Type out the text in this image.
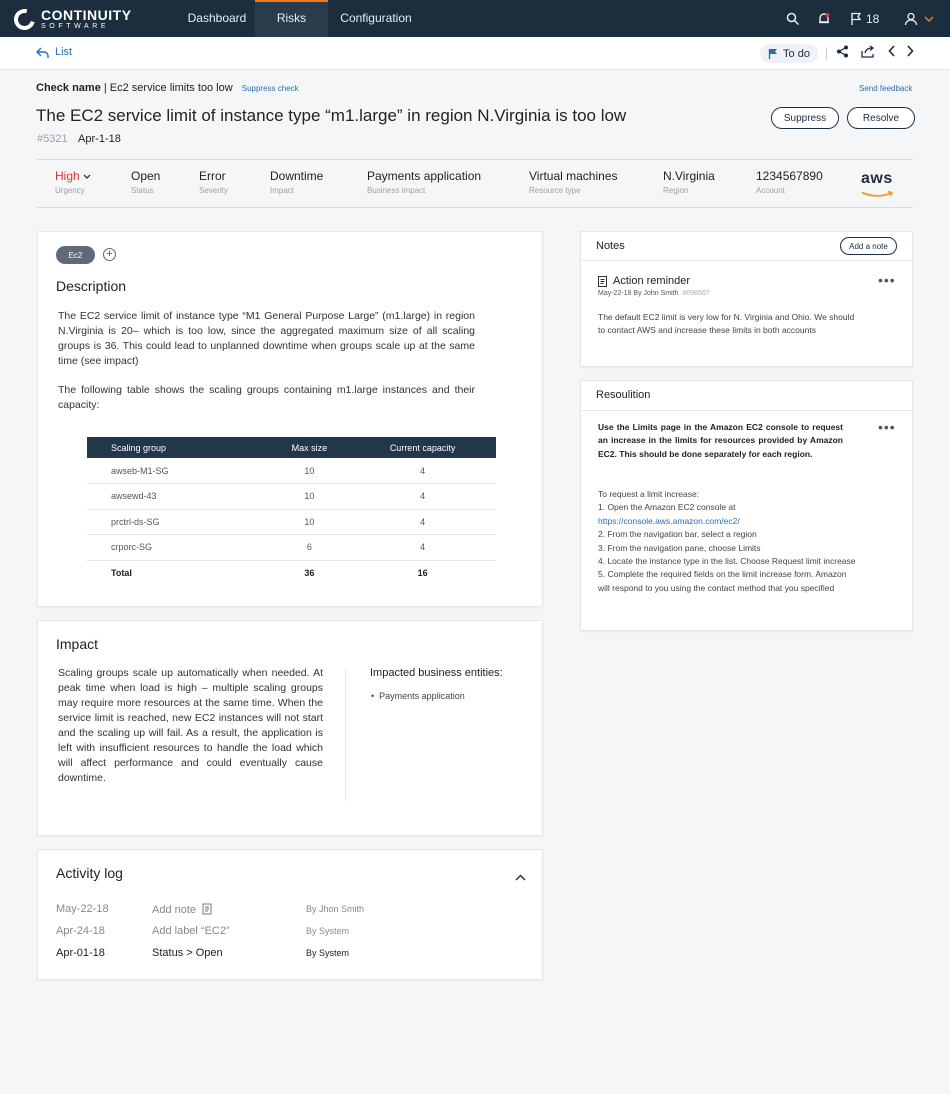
CONTINUITY
SOFTWARE
Dashboard	Risks	Configuration	18
List	To do
Check name | Ec2 service limits too low Suppress check	Send feedback
The EC2 service limit of instance type “m1.large” in region N.Virginia is too low
#5321 Apr-1-18
Suppress	Resolve
High
Urgency
Open
Status
Error
Severity
Downtime
Impact
Payments application
Business impact
Virtual machines
Resource type
N.Virginia
Region
1234567890
Account
aws
Ec2	+
Description
The EC2 service limit of instance type “M1 General Purpose Large” (m1.large) in region N.Virginia is 20– which is too low, since the aggregated maximum size of all scaling groups is 36. This could lead to unplanned downtime when groups scale up at the same time (see impact)
The following table shows the scaling groups containing m1.large instances and their capacity:
Scaling group	Max size	Current capacity
awseb-M1-SG	10	4
awsewd-43	10	4
prctrl-ds-SG	10	4
crporc-SG	6	4
Total	36	16
Impact
Scaling groups scale up automatically when needed. At peak time when load is high – multiple scaling groups may require more resources at the same time. When the service limit is reached, new EC2 instances will not start and the scaling up will fail. As a result, the application is left with insufficient resources to handle the load which will affect performance and could eventually cause downtime.
Impacted business entities:
•  Payments application
Activity log
May-22-18	Add note	By Jhon Smith
Apr-24-18	Add label “EC2”	By System
Apr-01-18	Status > Open	By System
Notes	Add a note
Action reminder	•••
May-22-18 By John Smith #098567
The default EC2 limit is very low for N. Virginia and Ohio. We should to contact AWS and increase these limits in both accounts
Resoulition
•••
Use the Limits page in the Amazon EC2 console to request an increase in the limits for resources provided by Amazon EC2. This should be done separately for each region.
To request a limit increase:
1. Open the Amazon EC2 console at
https://console.aws.amazon.com/ec2/
2. From the navigation bar, select a region
3. From the navigation pane, choose Limits
4. Locate the instance type in the list. Choose Request limit increase
5. Complete the required fields on the limit increase form. Amazon will respond to you using the contact method that you specified
